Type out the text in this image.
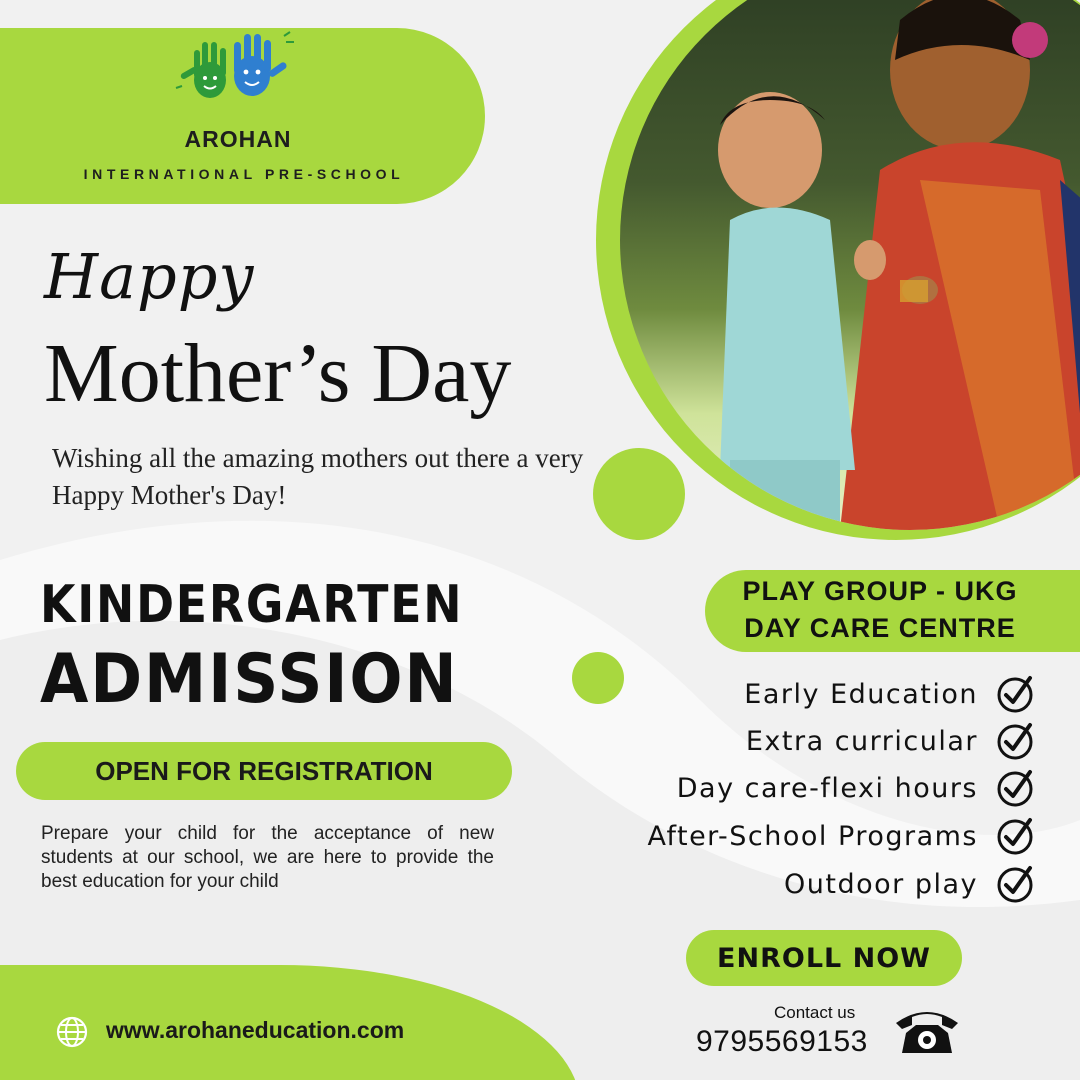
AROHAN
INTERNATIONAL PRE-SCHOOL
Happy
Mother’s Day
Wishing all the amazing mothers out there a very Happy Mother's Day!
KINDERGARTEN
ADMISSION
OPEN FOR REGISTRATION
Prepare your child for the acceptance of new students at our school, we are here to provide the best education for your child
PLAY GROUP - UKG
DAY CARE CENTRE
Early Education
Extra curricular
Day care-flexi hours
After-School Programs
Outdoor play
ENROLL NOW
Contact us
9795569153
www.arohaneducation.com
